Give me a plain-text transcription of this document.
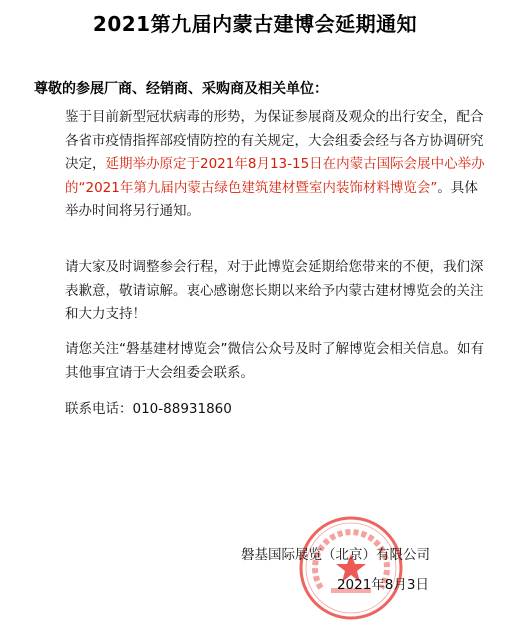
2021第九届内蒙古建博会延期通知
尊敬的参展厂商、经销商、采购商及相关单位：
鉴于目前新型冠状病毒的形势，为保证参展商及观众的出行安全，配合各省市疫情指挥部疫情防控的有关规定，大会组委会经与各方协调研究决定，延期举办原定于2021年8月13-15日在内蒙古国际会展中心举办的“2021年第九届内蒙古绿色建筑建材暨室内装饰材料博览会”。具体举办时间将另行通知。
请大家及时调整参会行程，对于此博览会延期给您带来的不便，我们深表歉意，敬请谅解。衷心感谢您长期以来给予内蒙古建材博览会的关注和大力支持！
请您关注“磐基建材博览会”微信公众号及时了解博览会相关信息。如有其他事宜请于大会组委会联系。
联系电话：010-88931860
磐基国际展览（北京）有限公司
2021年8月3日
